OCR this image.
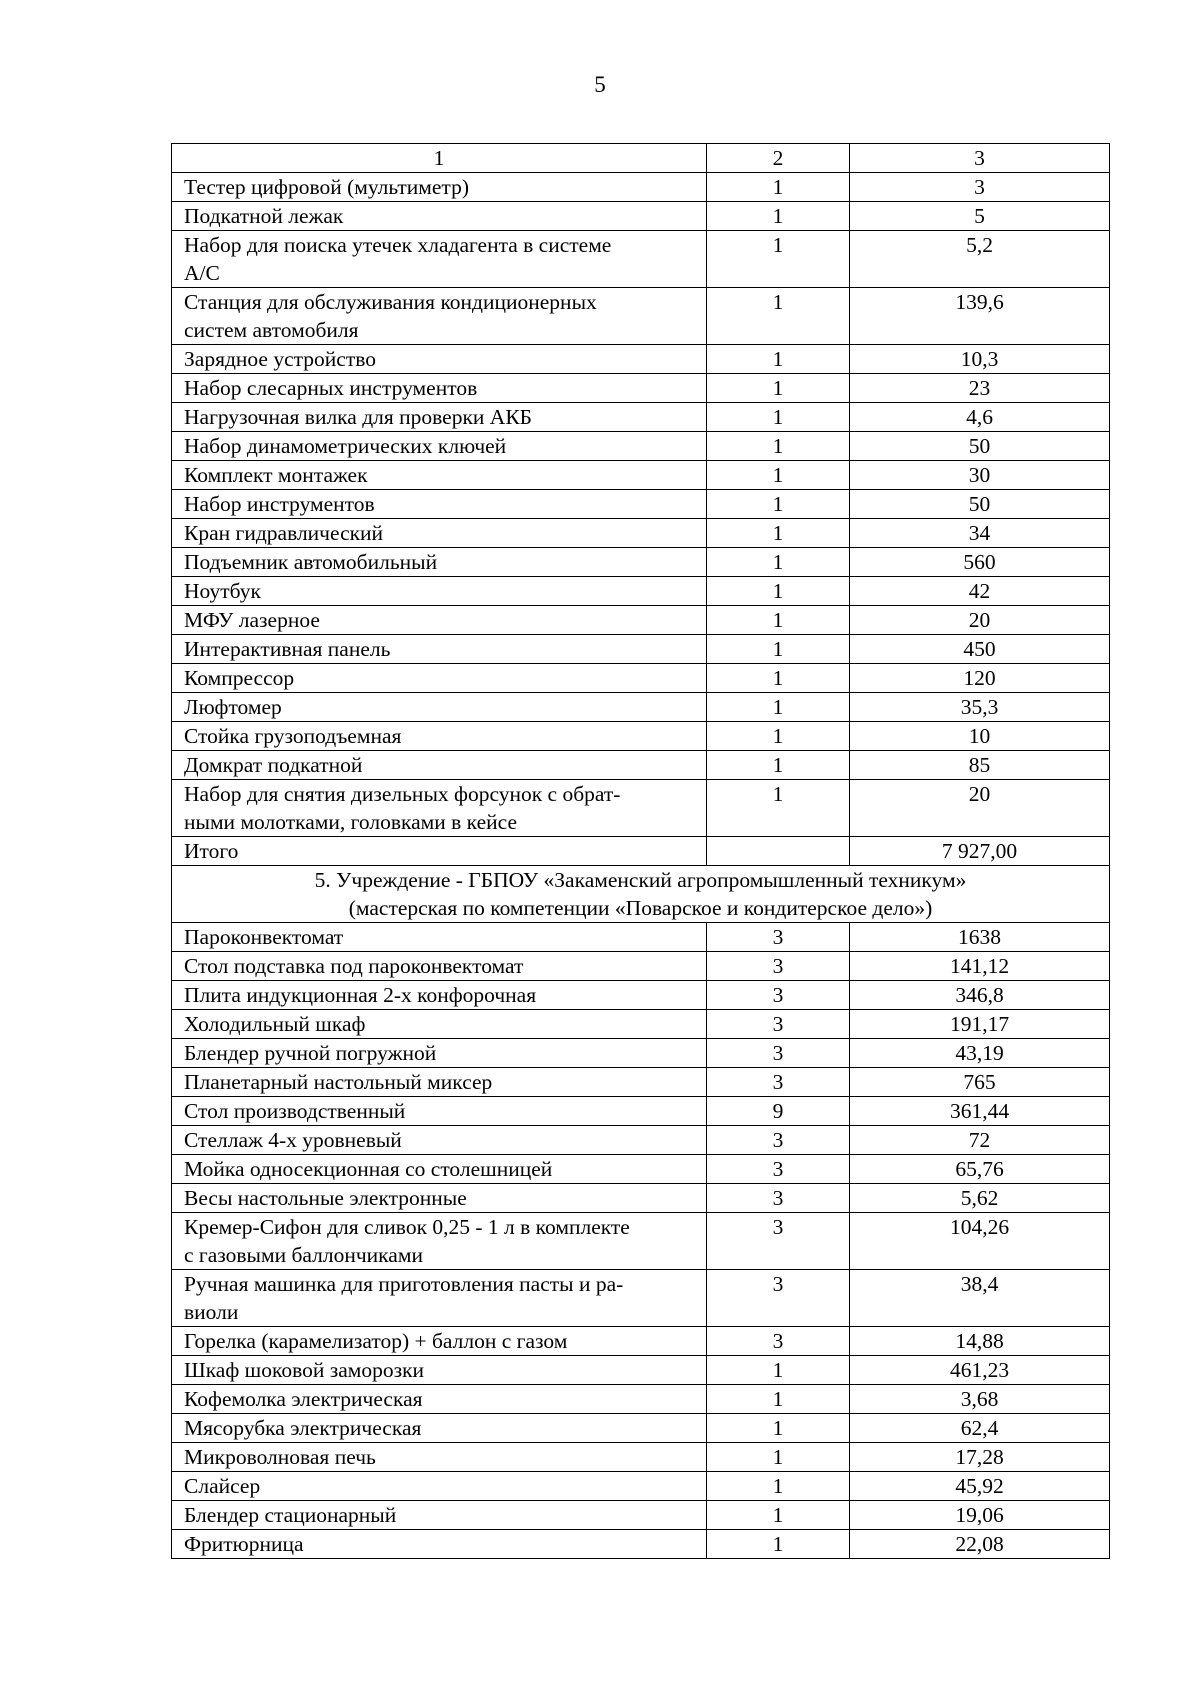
5
1	2	3

Тестер цифровой (мультиметр)	1	3

Подкатной лежак	1	5

Набор для поиска утечек хладагента в системе
А/С	1	5,2

Станция для обслуживания кондиционерных
систем автомобиля	1	139,6

Зарядное устройство	1	10,3

Набор слесарных инструментов	1	23

Нагрузочная вилка для проверки АКБ	1	4,6

Набор динамометрических ключей	1	50

Комплект монтажек	1	30

Набор инструментов	1	50

Кран гидравлический	1	34

Подъемник автомобильный	1	560

Ноутбук	1	42

МФУ лазерное	1	20

Интерактивная панель	1	450

Компрессор	1	120

Люфтомер	1	35,3

Стойка грузоподъемная	1	10

Домкрат подкатной	1	85

Набор для снятия дизельных форсунок с обрат-
ными молотками, головками в кейсе	1	20
Итого		7 927,00

5. Учреждение - ГБПОУ «Закаменский агропромышленный техникум»
(мастерская по компетенции «Поварское и кондитерское дело»)		

Пароконвектомат	3	1638

Стол подставка под пароконвектомат	3	141,12

Плита индукционная 2-х конфорочная	3	346,8

Холодильный шкаф	3	191,17

Блендер ручной погружной	3	43,19

Планетарный настольный миксер	3	765

Стол производственный	9	361,44

Стеллаж 4-х уровневый	3	72

Мойка односекционная со столешницей	3	65,76

Весы настольные электронные	3	5,62

Кремер-Сифон для сливок 0,25 - 1 л в комплекте
с газовыми баллончиками	3	104,26

Ручная машинка для приготовления пасты и ра-
виоли	3	38,4

Горелка (карамелизатор) + баллон с газом	3	14,88

Шкаф шоковой заморозки	1	461,23

Кофемолка электрическая	1	3,68

Мясорубка электрическая	1	62,4

Микроволновая печь	1	17,28

Слайсер	1	45,92

Блендер стационарный	1	19,06

Фритюрница	1	22,08
